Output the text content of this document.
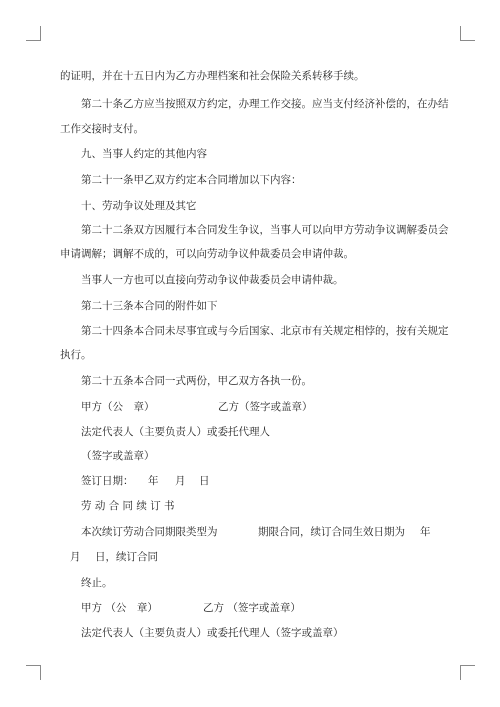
的证明，并在十五日内为乙方办理档案和社会保险关系转移手续。

第二十条乙方应当按照双方约定，办理工作交接。应当支付经济补偿的，在办结

工作交接时支付。

九、当事人约定的其他内容

第二十一条甲乙双方约定本合同增加以下内容：

十、劳动争议处理及其它

第二十二条双方因履行本合同发生争议，当事人可以向甲方劳动争议调解委员会

申请调解；调解不成的，可以向劳动争议仲裁委员会申请仲裁。

当事人一方也可以直接向劳动争议仲裁委员会申请仲裁。

第二十三条本合同的附件如下

第二十四条本合同未尽事宜或与今后国家、北京市有关规定相悖的，按有关规定

执行。

第二十五条本合同一式两份，甲乙双方各执一份。

甲方（公　章）	乙方（签字或盖章）

法定代表人（主要负责人）或委托代理人

（签字或盖章）

签订日期： 年 月 日

劳 动 合 同 续 订 书

本次续订劳动合同期限类型为	期限合同，续订合同生效日期为 年
月 日，续订合同

终止。

甲方 （公　章）	乙方 （签字或盖章）

法定代表人（主要负责人）或委托代理人（签字或盖章）
